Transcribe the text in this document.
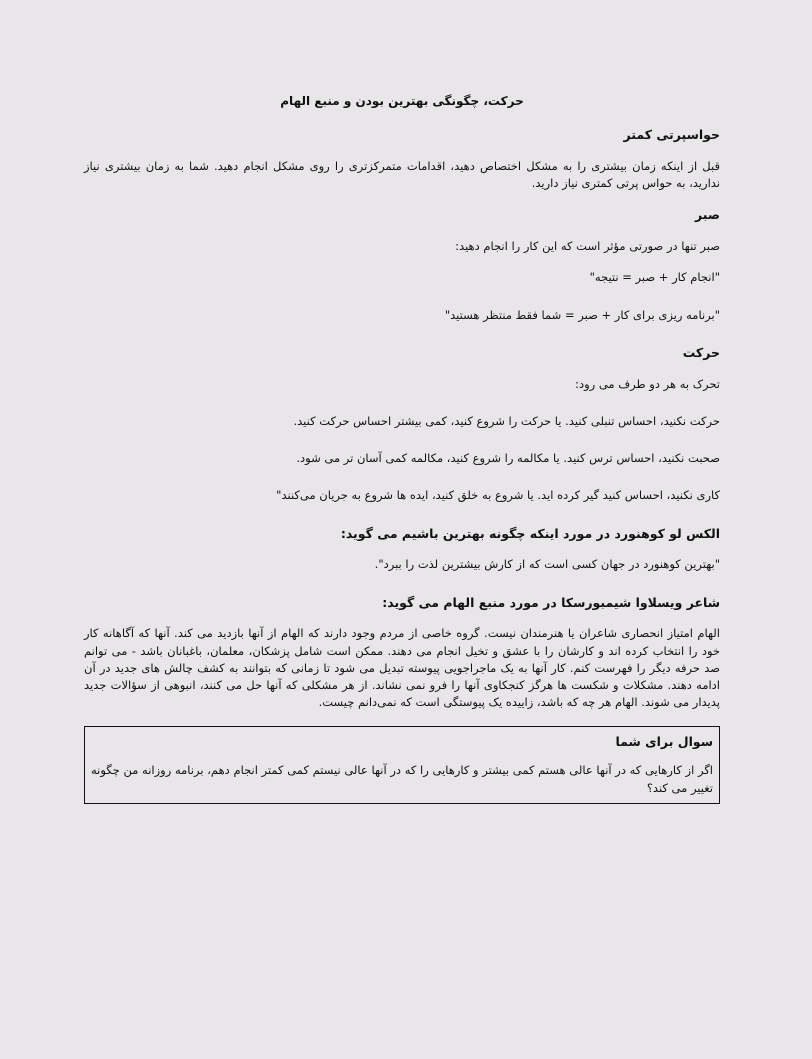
حرکت، چگونگی بهترین بودن و منبع الهام
حواسپرتی کمتر
قبل از اینکه زمان بیشتری را به مشکل اختصاص دهید، اقدامات متمرکزتری را روی مشکل انجام دهید. شما به زمان بیشتری نیاز ندارید، به حواس پرتی کمتری نیاز دارید.
صبر
صبر تنها در صورتی مؤثر است که این کار را انجام دهید:
"انجام کار + صبر = نتیجه"
"برنامه ریزی برای کار + صبر = شما فقط منتظر هستید"
حرکت
تحرک به هر دو طرف می رود:
حرکت نکنید، احساس تنبلی کنید. یا حرکت را شروع کنید، کمی بیشتر احساس حرکت کنید.
صحبت نکنید، احساس ترس کنید. یا مکالمه را شروع کنید، مکالمه کمی آسان تر می شود.
کاری نکنید، احساس کنید گیر کرده اید. یا شروع به خلق کنید، ایده ها شروع به جریان می‌کنند"
الکس لو کوهنورد در مورد اینکه چگونه بهترین باشیم می گوید:
"بهترین کوهنورد در جهان کسی است که از کارش بیشترین لذت را ببرد".
شاعر ویسلاوا شیمبورسکا در مورد منبع الهام می گوید:
الهام امتیاز انحصاری شاعران یا هنرمندان نیست. گروه خاصی از مردم وجود دارند که الهام از آنها بازدید می کند. آنها که آگاهانه کار خود را انتخاب کرده اند و کارشان را با عشق و تخیل انجام می دهند. ممکن است شامل پزشکان، معلمان، باغبانان باشد - می توانم صد حرفه دیگر را فهرست کنم. کار آنها به یک ماجراجویی پیوسته تبدیل می شود تا زمانی که بتوانند به کشف چالش های جدید در آن ادامه دهند. مشکلات و شکست ها هرگز کنجکاوی آنها را فرو نمی نشاند. از هر مشکلی که آنها حل می کنند، انبوهی از سؤالات جدید پدیدار می شوند. الهام هر چه که باشد، زاییده یک پیوستگی است که نمی‌دانم چیست.
سوال برای شما
اگر از کارهایی که در آنها عالی هستم کمی بیشتر و کارهایی را که در آنها عالی نیستم کمی کمتر انجام دهم، برنامه روزانه من چگونه تغییر می کند؟
